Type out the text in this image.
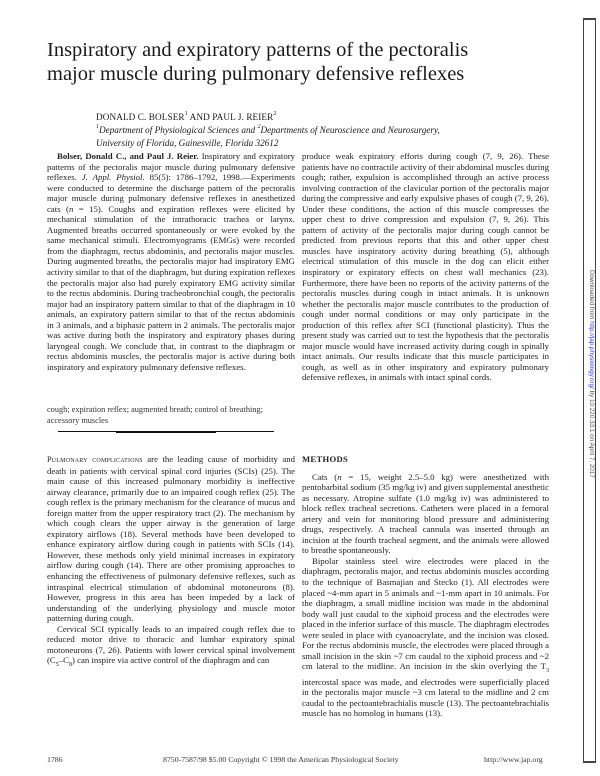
Inspiratory and expiratory patterns of the pectoralis
major muscle during pulmonary defensive reflexes
DONALD C. BOLSER$^1$ AND PAUL J. REIER$^2$
$^1$Department of Physiological Sciences and $^2$Departments of Neuroscience and Neurosurgery,
University of Florida, Gainesville, Florida 32612

Bolser, Donald C., and Paul J. Reier. Inspiratory and expiratory patterns of the pectoralis major muscle during pulmonary defensive reflexes. J. Appl. Physiol. 85(5): 1786–1792, 1998.—Experiments were conducted to determine the discharge pattern of the pectoralis major muscle during pulmonary defensive reflexes in anesthetized cats (n = 15). Coughs and expiration reflexes were elicited by mechanical stimulation of the intrathoracic trachea or larynx. Augmented breaths occurred spontaneously or were evoked by the same mechanical stimuli. Electromyograms (EMGs) were recorded from the diaphragm, rectus abdominis, and pectoralis major muscles. During augmented breaths, the pectoralis major had inspiratory EMG activity similar to that of the diaphragm, but during expiration reflexes the pectoralis major also had purely expiratory EMG activity similar to the rectus abdominis. During tracheobronchial cough, the pectoralis major had an inspiratory pattern similar to that of the diaphragm in 10 animals, an expiratory pattern similar to that of the rectus abdominis in 3 animals, and a biphasic pattern in 2 animals. The pectoralis major was active during both the inspiratory and expiratory phases during laryngeal cough. We conclude that, in contrast to the diaphragm or rectus abdominis muscles, the pectoralis major is active during both inspiratory and expiratory pulmonary defensive reflexes.

cough; expiration reflex; augmented breath; control of breathing; accessory muscles

Pulmonary complications are the leading cause of morbidity and death in patients with cervical spinal cord injuries (SCIs) (25). The main cause of this increased pulmonary morbidity is ineffective airway clearance, primarily due to an impaired cough reflex (25). The cough reflex is the primary mechanism for the clearance of mucus and foreign matter from the upper respiratory tract (2). The mechanism by which cough clears the upper airway is the generation of large expiratory airflows (18). Several methods have been developed to enhance expiratory airflow during cough in patients with SCIs (14). However, these methods only yield minimal increases in expiratory airflow during cough (14). There are other promising approaches to enhancing the effectiveness of pulmonary defensive reflexes, such as intraspinal electrical stimulation of abdominal motoneurons (8). However, progress in this area has been impeded by a lack of understanding of the underlying physiology and muscle motor patterning during cough.

Cervical SCI typically leads to an impaired cough reflex due to reduced motor drive to thoracic and lumbar expiratory spinal motoneurons (7, 26). Patients with lower cervical spinal involvement $(C_5-C_8)$ can inspire via active control of the diaphragm and can

produce weak expiratory efforts during cough (7, 9, 26). These patients have no contractile activity of their abdominal muscles during cough; rather, expulsion is accomplished through an active process involving contraction of the clavicular portion of the pectoralis major during the compressive and early expulsive phases of cough (7, 9, 26). Under these conditions, the action of this muscle compresses the upper chest to drive compression and expulsion (7, 9, 26). This pattern of activity of the pectoralis major during cough cannot be predicted from previous reports that this and other upper chest muscles have inspiratory activity during breathing (5), although electrical stimulation of this muscle in the dog can elicit either inspiratory or expiratory effects on chest wall mechanics (23). Furthermore, there have been no reports of the activity patterns of the pectoralis muscles during cough in intact animals. It is unknown whether the pectoralis major muscle contributes to the production of cough under normal conditions or may only participate in the production of this reflex after SCI (functional plasticity). Thus the present study was carried out to test the hypothesis that the pectoralis major muscle would have increased activity during cough in spinally intact animals. Our results indicate that this muscle participates in cough, as well as in other inspiratory and expiratory pulmonary defensive reflexes, in animals with intact spinal cords.

METHODS

Cats (n = 15, weight 2.5–5.0 kg) were anesthetized with pentobarbital sodium (35 mg/kg iv) and given supplemental anesthetic as necessary. Atropine sulfate (1.0 mg/kg iv) was administered to block reflex tracheal secretions. Catheters were placed in a femoral artery and vein for monitoring blood pressure and administering drugs, respectively. A tracheal cannula was inserted through an incision at the fourth tracheal segment, and the animals were allowed to breathe spontaneously.

Bipolar stainless steel wire electrodes were placed in the diaphragm, pectoralis major, and rectus abdominis muscles according to the technique of Basmajian and Stecko (1). All electrodes were placed ~4-mm apart in 5 animals and ~1-mm apart in 10 animals. For the diaphragm, a small midline incision was made in the abdominal body wall just caudal to the xiphoid process and the electrodes were placed in the inferior surface of this muscle. The diaphragm electrodes were sealed in place with cyanoacrylate, and the incision was closed. For the rectus abdominis muscle, the electrodes were placed through a small incision in the skin ~7 cm caudal to the xiphoid process and ~2 cm lateral to the midline. An incision in the skin overlying the $T_3$ intercostal space was made, and electrodes were superficially placed in the pectoralis major muscle ~3 cm lateral to the midline and 2 cm caudal to the pectoantebrachialis muscle (13). The pectoantebrachialis muscle has no homolog in humans (13).

1786	8750-7587/98 $5.00 Copyright © 1998 the American Physiological Society	http://www.jap.org
Downloaded from http://jap.physiology.org/ by 10.220.33.1 on April 7, 2017
